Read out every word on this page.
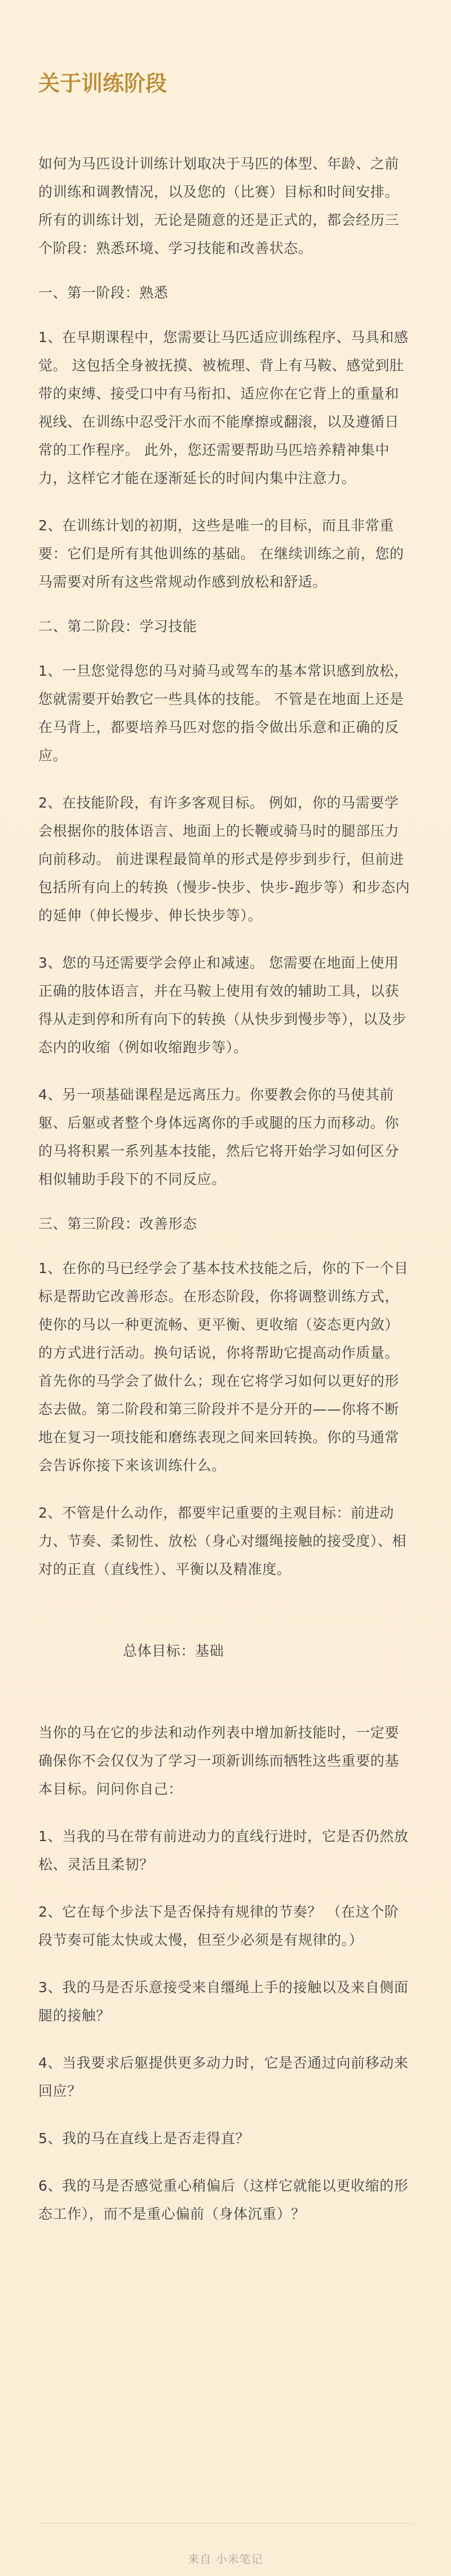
关于训练阶段

如何为马匹设计训练计划取决于马匹的体型、年龄、之前的训练和调教情况，以及您的（比赛）目标和时间安排。 所有的训练计划，无论是随意的还是正式的，都会经历三个阶段：熟悉环境、学习技能和改善状态。

一、第一阶段：熟悉

1、在早期课程中，您需要让马匹适应训练程序、马具和感觉。 这包括全身被抚摸、被梳理、背上有马鞍、感觉到肚带的束缚、接受口中有马衔扣、适应你在它背上的重量和视线、在训练中忍受汗水而不能摩擦或翻滚，以及遵循日常的工作程序。 此外，您还需要帮助马匹培养精神集中力，这样它才能在逐渐延长的时间内集中注意力。

2、在训练计划的初期，这些是唯一的目标，而且非常重要：它们是所有其他训练的基础。 在继续训练之前，您的马需要对所有这些常规动作感到放松和舒适。

二、第二阶段：学习技能

1、一旦您觉得您的马对骑马或驾车的基本常识感到放松，您就需要开始教它一些具体的技能。 不管是在地面上还是在马背上，都要培养马匹对您的指令做出乐意和正确的反应。

2、在技能阶段，有许多客观目标。 例如，你的马需要学会根据你的肢体语言、地面上的长鞭或骑马时的腿部压力向前移动。 前进课程最简单的形式是停步到步行，但前进包括所有向上的转换（慢步-快步、快步-跑步等）和步态内的延伸（伸长慢步、伸长快步等）。

3、您的马还需要学会停止和减速。 您需要在地面上使用正确的肢体语言，并在马鞍上使用有效的辅助工具，以获得从走到停和所有向下的转换（从快步到慢步等），以及步态内的收缩（例如收缩跑步等）。

4、另一项基础课程是远离压力。你要教会你的马使其前躯、后躯或者整个身体远离你的手或腿的压力而移动。你的马将积累一系列基本技能，然后它将开始学习如何区分相似辅助手段下的不同反应。

三、第三阶段：改善形态

1、在你的马已经学会了基本技术技能之后，你的下一个目标是帮助它改善形态。在形态阶段，你将调整训练方式，使你的马以一种更流畅、更平衡、更收缩（姿态更内敛）的方式进行活动。换句话说，你将帮助它提高动作质量。首先你的马学会了做什么；现在它将学习如何以更好的形态去做。第二阶段和第三阶段并不是分开的——你将不断地在复习一项技能和磨练表现之间来回转换。你的马通常会告诉你接下来该训练什么。

2、不管是什么动作，都要牢记重要的主观目标：前进动力、节奏、柔韧性、放松（身心对缰绳接触的接受度）、相对的正直（直线性）、平衡以及精准度。

总体目标：基础

当你的马在它的步法和动作列表中增加新技能时，一定要确保你不会仅仅为了学习一项新训练而牺牲这些重要的基本目标。问问你自己：

1、当我的马在带有前进动力的直线行进时，它是否仍然放松、灵活且柔韧？

2、它在每个步法下是否保持有规律的节奏？ （在这个阶段节奏可能太快或太慢，但至少必须是有规律的。）

3、我的马是否乐意接受来自缰绳上手的接触以及来自侧面腿的接触？

4、当我要求后躯提供更多动力时，它是否通过向前移动来回应？

5、我的马在直线上是否走得直？

6、我的马是否感觉重心稍偏后（这样它就能以更收缩的形态工作），而不是重心偏前（身体沉重）？

来自 小米笔记
